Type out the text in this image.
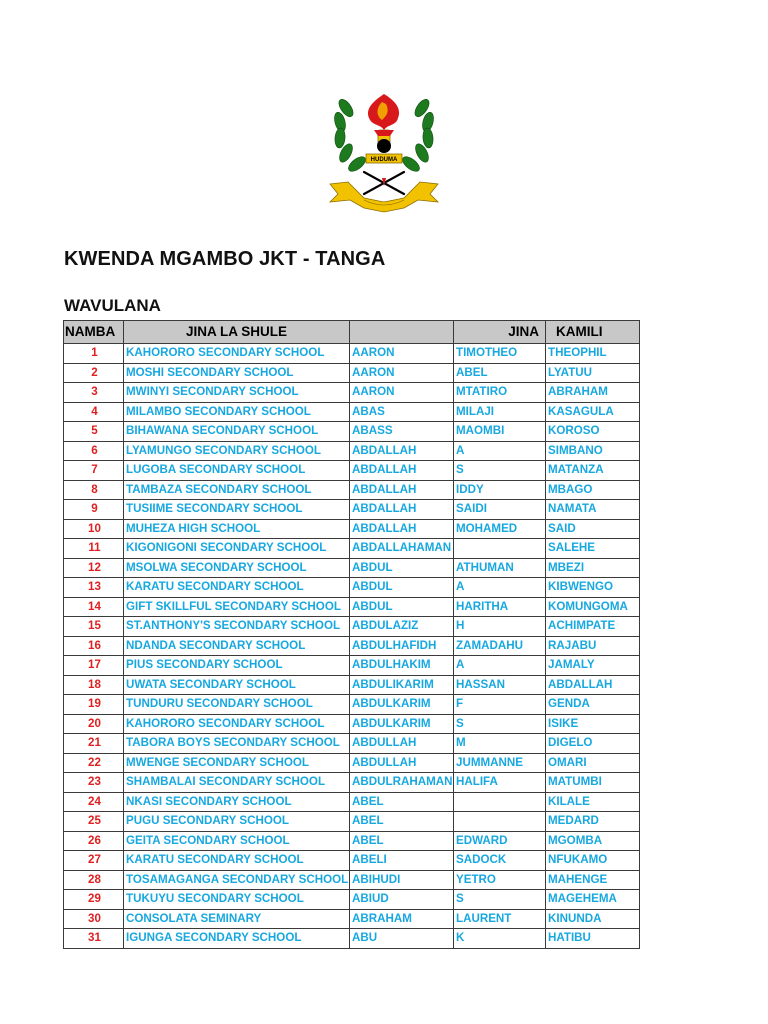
HUDUMA
KWENDA MGAMBO JKT - TANGA
WAVULANA
NAMBA	JINA LA SHULE		JINA	KAMILI
1	KAHORORO SECONDARY SCHOOL	AARON	TIMOTHEO	THEOPHIL
2	MOSHI SECONDARY SCHOOL	AARON	ABEL	LYATUU
3	MWINYI SECONDARY SCHOOL	AARON	MTATIRO	ABRAHAM
4	MILAMBO SECONDARY SCHOOL	ABAS	MILAJI	KASAGULA
5	BIHAWANA SECONDARY SCHOOL	ABASS	MAOMBI	KOROSO
6	LYAMUNGO SECONDARY SCHOOL	ABDALLAH	A	SIMBANO
7	LUGOBA SECONDARY SCHOOL	ABDALLAH	S	MATANZA
8	TAMBAZA SECONDARY SCHOOL	ABDALLAH	IDDY	MBAGO
9	TUSIIME SECONDARY SCHOOL	ABDALLAH	SAIDI	NAMATA
10	MUHEZA HIGH SCHOOL	ABDALLAH	MOHAMED	SAID
11	KIGONIGONI SECONDARY SCHOOL	ABDALLAHAMAN		SALEHE
12	MSOLWA SECONDARY SCHOOL	ABDUL	ATHUMAN	MBEZI
13	KARATU SECONDARY SCHOOL	ABDUL	A	KIBWENGO
14	GIFT SKILLFUL SECONDARY SCHOOL	ABDUL	HARITHA	KOMUNGOMA
15	ST.ANTHONY'S SECONDARY SCHOOL	ABDULAZIZ	H	ACHIMPATE
16	NDANDA SECONDARY SCHOOL	ABDULHAFIDH	ZAMADAHU	RAJABU
17	PIUS SECONDARY SCHOOL	ABDULHAKIM	A	JAMALY
18	UWATA SECONDARY SCHOOL	ABDULIKARIM	HASSAN	ABDALLAH
19	TUNDURU SECONDARY SCHOOL	ABDULKARIM	F	GENDA
20	KAHORORO SECONDARY SCHOOL	ABDULKARIM	S	ISIKE
21	TABORA BOYS SECONDARY SCHOOL	ABDULLAH	M	DIGELO
22	MWENGE SECONDARY SCHOOL	ABDULLAH	JUMMANNE	OMARI
23	SHAMBALAI SECONDARY SCHOOL	ABDULRAHAMAN	HALIFA	MATUMBI
24	NKASI SECONDARY SCHOOL	ABEL		KILALE
25	PUGU SECONDARY SCHOOL	ABEL		MEDARD
26	GEITA SECONDARY SCHOOL	ABEL	EDWARD	MGOMBA
27	KARATU SECONDARY SCHOOL	ABELI	SADOCK	NFUKAMO
28	TOSAMAGANGA SECONDARY SCHOOL	ABIHUDI	YETRO	MAHENGE
29	TUKUYU SECONDARY SCHOOL	ABIUD	S	MAGEHEMA
30	CONSOLATA SEMINARY	ABRAHAM	LAURENT	KINUNDA
31	IGUNGA SECONDARY SCHOOL	ABU	K	HATIBU
